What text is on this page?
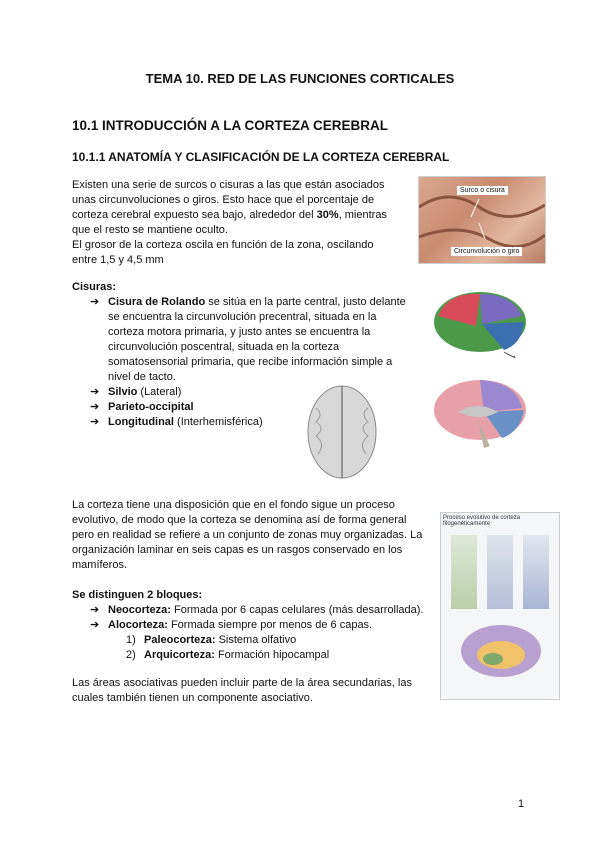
TEMA 10. RED DE LAS FUNCIONES CORTICALES
10.1 INTRODUCCIÓN A LA CORTEZA CEREBRAL
10.1.1 ANATOMÍA Y CLASIFICACIÓN DE LA CORTEZA CEREBRAL
Existen una serie de surcos o cisuras a las que están asociados unas circunvoluciones o giros. Esto hace que el porcentaje de corteza cerebral expuesto sea bajo, alrededor del 30%, mientras que el resto se mantiene oculto.
El grosor de la corteza oscila en función de la zona, oscilando entre 1,5 y 4,5 mm
Surco o cisura
Circunvolución o giro
Cisuras:
➔ Cisura de Rolando se sitúa en la parte central, justo delante se encuentra la circunvolución precentral, situada en la corteza motora primaria, y justo antes se encuentra la circunvolución poscentral, situada en la corteza somatosensorial primaria, que recibe información simple a nivel de tacto.
➔ Silvio (Lateral)
➔ Parieto-occipital
➔ Longitudinal (Interhemisférica)
La corteza tiene una disposición que en el fondo sigue un proceso evolutivo, de modo que la corteza se denomina así de forma general pero en realidad se refiere a un conjunto de zonas muy organizadas. La organización laminar en seis capas es un rasgos conservado en los mamíferos.
Proceso evolutivo de corteza filogenéticamente
Se distinguen 2 bloques:
➔ Neocorteza: Formada por 6 capas celulares (más desarrollada).
➔ Alocorteza: Formada siempre por menos de 6 capas.
1) Paleocorteza: Sistema olfativo
2) Arquicorteza: Formación hipocampal
Las áreas asociativas pueden incluir parte de la área secundarias, las cuales también tienen un componente asociativo.
1
